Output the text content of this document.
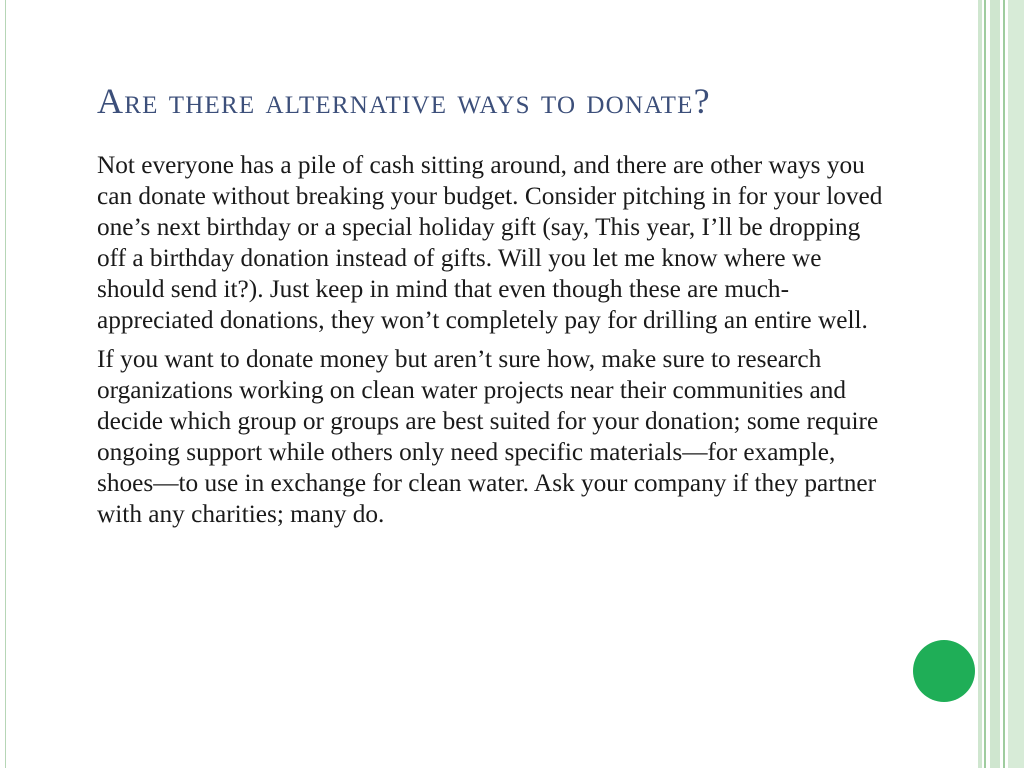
Are there alternative ways to donate?

Not everyone has a pile of cash sitting around, and there are other ways you can donate without breaking your budget. Consider pitching in for your loved one’s next birthday or a special holiday gift (say, This year, I’ll be dropping off a birthday donation instead of gifts. Will you let me know where we should send it?). Just keep in mind that even though these are much-appreciated donations, they won’t completely pay for drilling an entire well.

If you want to donate money but aren’t sure how, make sure to research organizations working on clean water projects near their communities and decide which group or groups are best suited for your donation; some require ongoing support while others only need specific materials—for example, shoes—to use in exchange for clean water. Ask your company if they partner with any charities; many do.
